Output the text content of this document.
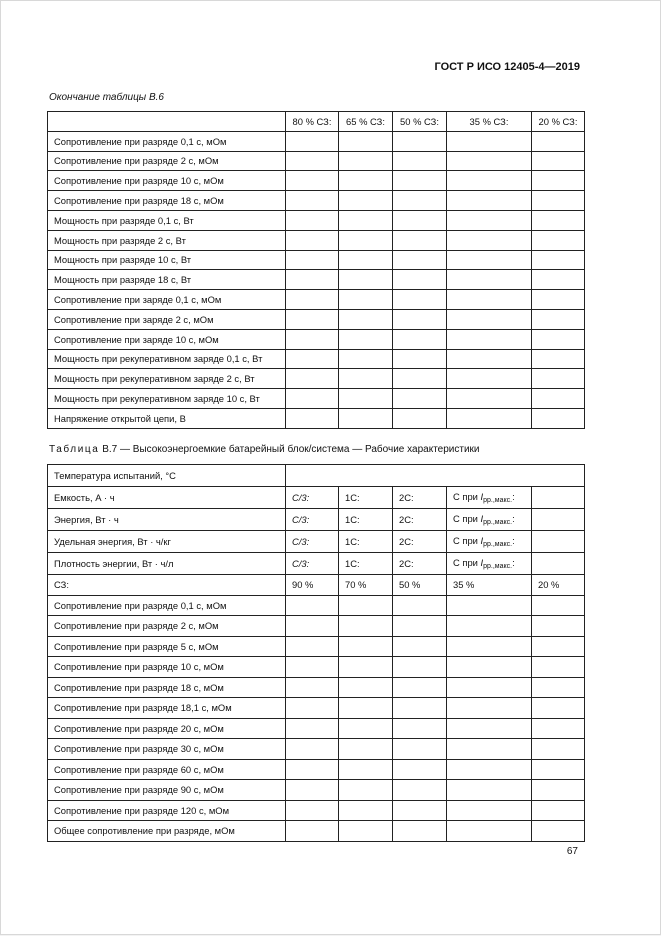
ГОСТ Р ИСО 12405-4—2019
Окончание таблицы В.6
	80 % СЗ:	65 % СЗ:	50 % СЗ:	35 % СЗ:	20 % СЗ:
Сопротивление при разряде 0,1 с, мОм					
Сопротивление при разряде 2 с, мОм					
Сопротивление при разряде 10 с, мОм					
Сопротивление при разряде 18 с, мОм					
Мощность при разряде 0,1 с, Вт					
Мощность при разряде 2 с, Вт					
Мощность при разряде 10 с, Вт					
Мощность при разряде 18 с, Вт					
Сопротивление при заряде 0,1 с, мОм					
Сопротивление при заряде 2 с, мОм					
Сопротивление при заряде 10 с, мОм					
Мощность при рекуперативном заряде 0,1 с, Вт					
Мощность при рекуперативном заряде 2 с, Вт					
Мощность при рекуперативном заряде 10 с, Вт					
Напряжение открытой цепи, В					
Таблица В.7 — Высокоэнергоемкие батарейный блок/система — Рабочие характеристики
Температура испытаний, °С					
Емкость, А · ч	С/3:	1С:	2С:	С при $I_{рр.,макс.}$:	
Энергия, Вт · ч	С/3:	1С:	2С:	С при $I_{рр.,макс.}$:	
Удельная энергия, Вт · ч/кг	С/3:	1С:	2С:	С при $I_{рр.,макс.}$:	
Плотность энергии, Вт · ч/л	С/3:	1С:	2С:	С при $I_{рр.,макс.}$:	
СЗ:	90 %	70 %	50 %	35 %	20 %
Сопротивление при разряде 0,1 с, мОм					
Сопротивление при разряде 2 с, мОм					
Сопротивление при разряде 5 с, мОм					
Сопротивление при разряде 10 с, мОм					
Сопротивление при разряде 18 с, мОм					
Сопротивление при разряде 18,1 с, мОм					
Сопротивление при разряде 20 с, мОм					
Сопротивление при разряде 30 с, мОм					
Сопротивление при разряде 60 с, мОм					
Сопротивление при разряде 90 с, мОм					
Сопротивление при разряде 120 с, мОм					
Общее сопротивление при разряде, мОм					
67
